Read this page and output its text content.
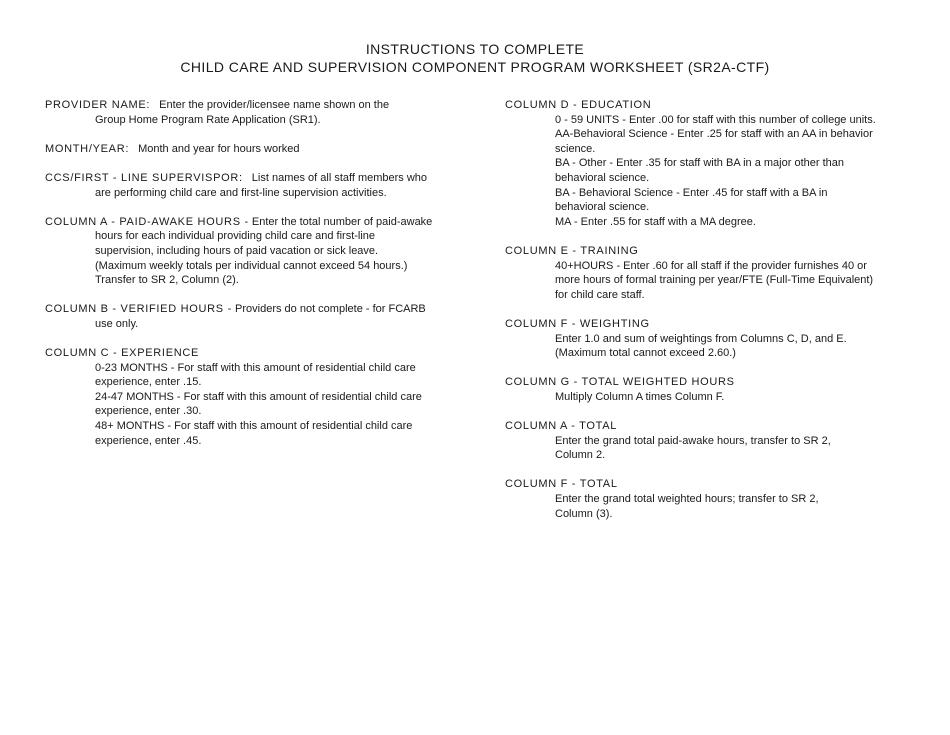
INSTRUCTIONS TO COMPLETE
CHILD CARE AND SUPERVISION COMPONENT PROGRAM WORKSHEET (SR2A-CTF)
PROVIDER NAME: Enter the provider/licensee name shown on the
Group Home Program Rate Application (SR1).
MONTH/YEAR: Month and year for hours worked
CCS/FIRST - LINE SUPERVISPOR: List names of all staff members who
are performing child care and first-line supervision activities.
COLUMN A - PAID-AWAKE HOURS - Enter the total number of paid-awake
hours for each individual providing child care and first-line
supervision, including hours of paid vacation or sick leave.
(Maximum weekly totals per individual cannot exceed 54 hours.)
Transfer to SR 2, Column (2).
COLUMN B - VERIFIED HOURS - Providers do not complete - for FCARB
use only.
COLUMN C - EXPERIENCE
0-23 MONTHS - For staff with this amount of residential child care
experience, enter .15.
24-47 MONTHS - For staff with this amount of residential child care
experience, enter .30.
48+ MONTHS - For staff with this amount of residential child care
experience, enter .45.
COLUMN D - EDUCATION
0 - 59 UNITS - Enter .00 for staff with this number of college units.
AA-Behavioral Science - Enter .25 for staff with an AA in behavior
science.
BA - Other - Enter .35 for staff with BA in a major other than
behavioral science.
BA - Behavioral Science - Enter .45 for staff with a BA in
behavioral science.
MA - Enter .55 for staff with a MA degree.
COLUMN E - TRAINING
40+HOURS - Enter .60 for all staff if the provider furnishes 40 or
more hours of formal training per year/FTE (Full-Time Equivalent)
for child care staff.
COLUMN F - WEIGHTING
Enter 1.0 and sum of weightings from Columns C, D, and E.
(Maximum total cannot exceed 2.60.)
COLUMN G - TOTAL WEIGHTED HOURS
Multiply Column A times Column F.
COLUMN A - TOTAL
Enter the grand total paid-awake hours, transfer to SR 2,
Column 2.
COLUMN F - TOTAL
Enter the grand total weighted hours; transfer to SR 2,
Column (3).
